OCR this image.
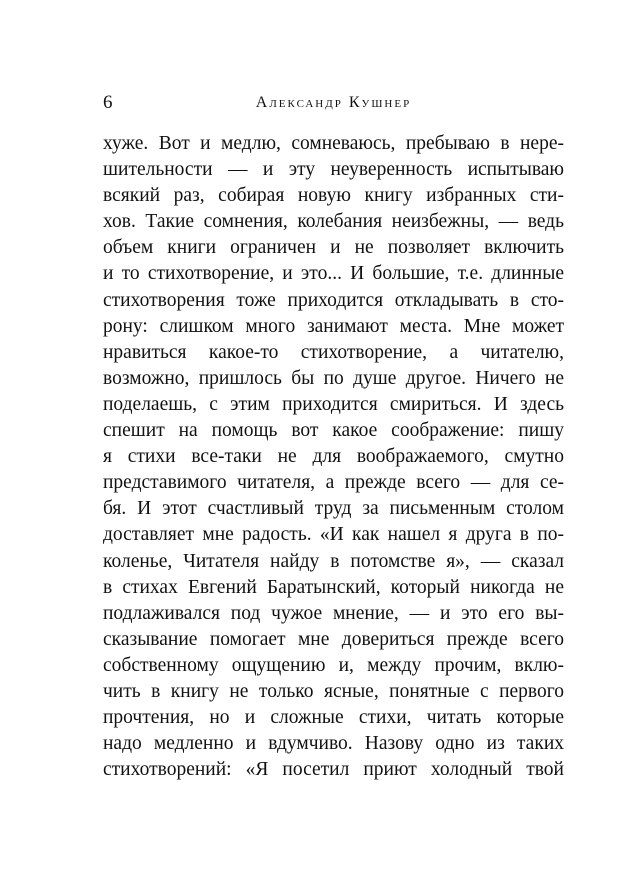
6	Александр Кушнер
хуже. Вот и медлю, сомневаюсь, пребываю в нере-
шительности — и эту неуверенность испытываю
всякий раз, собирая новую книгу избранных сти-
хов. Такие сомнения, колебания неизбежны, — ведь
объем книги ограничен и не позволяет включить
и то стихотворение, и это... И большие, т.е. длинные
стихотворения тоже приходится откладывать в сто-
рону: слишком много занимают места. Мне может
нравиться какое-то стихотворение, а читателю,
возможно, пришлось бы по душе другое. Ничего не
поделаешь, с этим приходится смириться. И здесь
спешит на помощь вот какое соображение: пишу
я стихи все-таки не для воображаемого, смутно
представимого читателя, а прежде всего — для се-
бя. И этот счастливый труд за письменным столом
доставляет мне радость. «И как нашел я друга в по-
коленье, Читателя найду в потомстве я», — сказал
в стихах Евгений Баратынский, который никогда не
подлаживался под чужое мнение, — и это его вы-
сказывание помогает мне довериться прежде всего
собственному ощущению и, между прочим, вклю-
чить в книгу не только ясные, понятные с первого
прочтения, но и сложные стихи, читать которые
надо медленно и вдумчиво. Назову одно из таких
стихотворений: «Я посетил приют холодный твой
